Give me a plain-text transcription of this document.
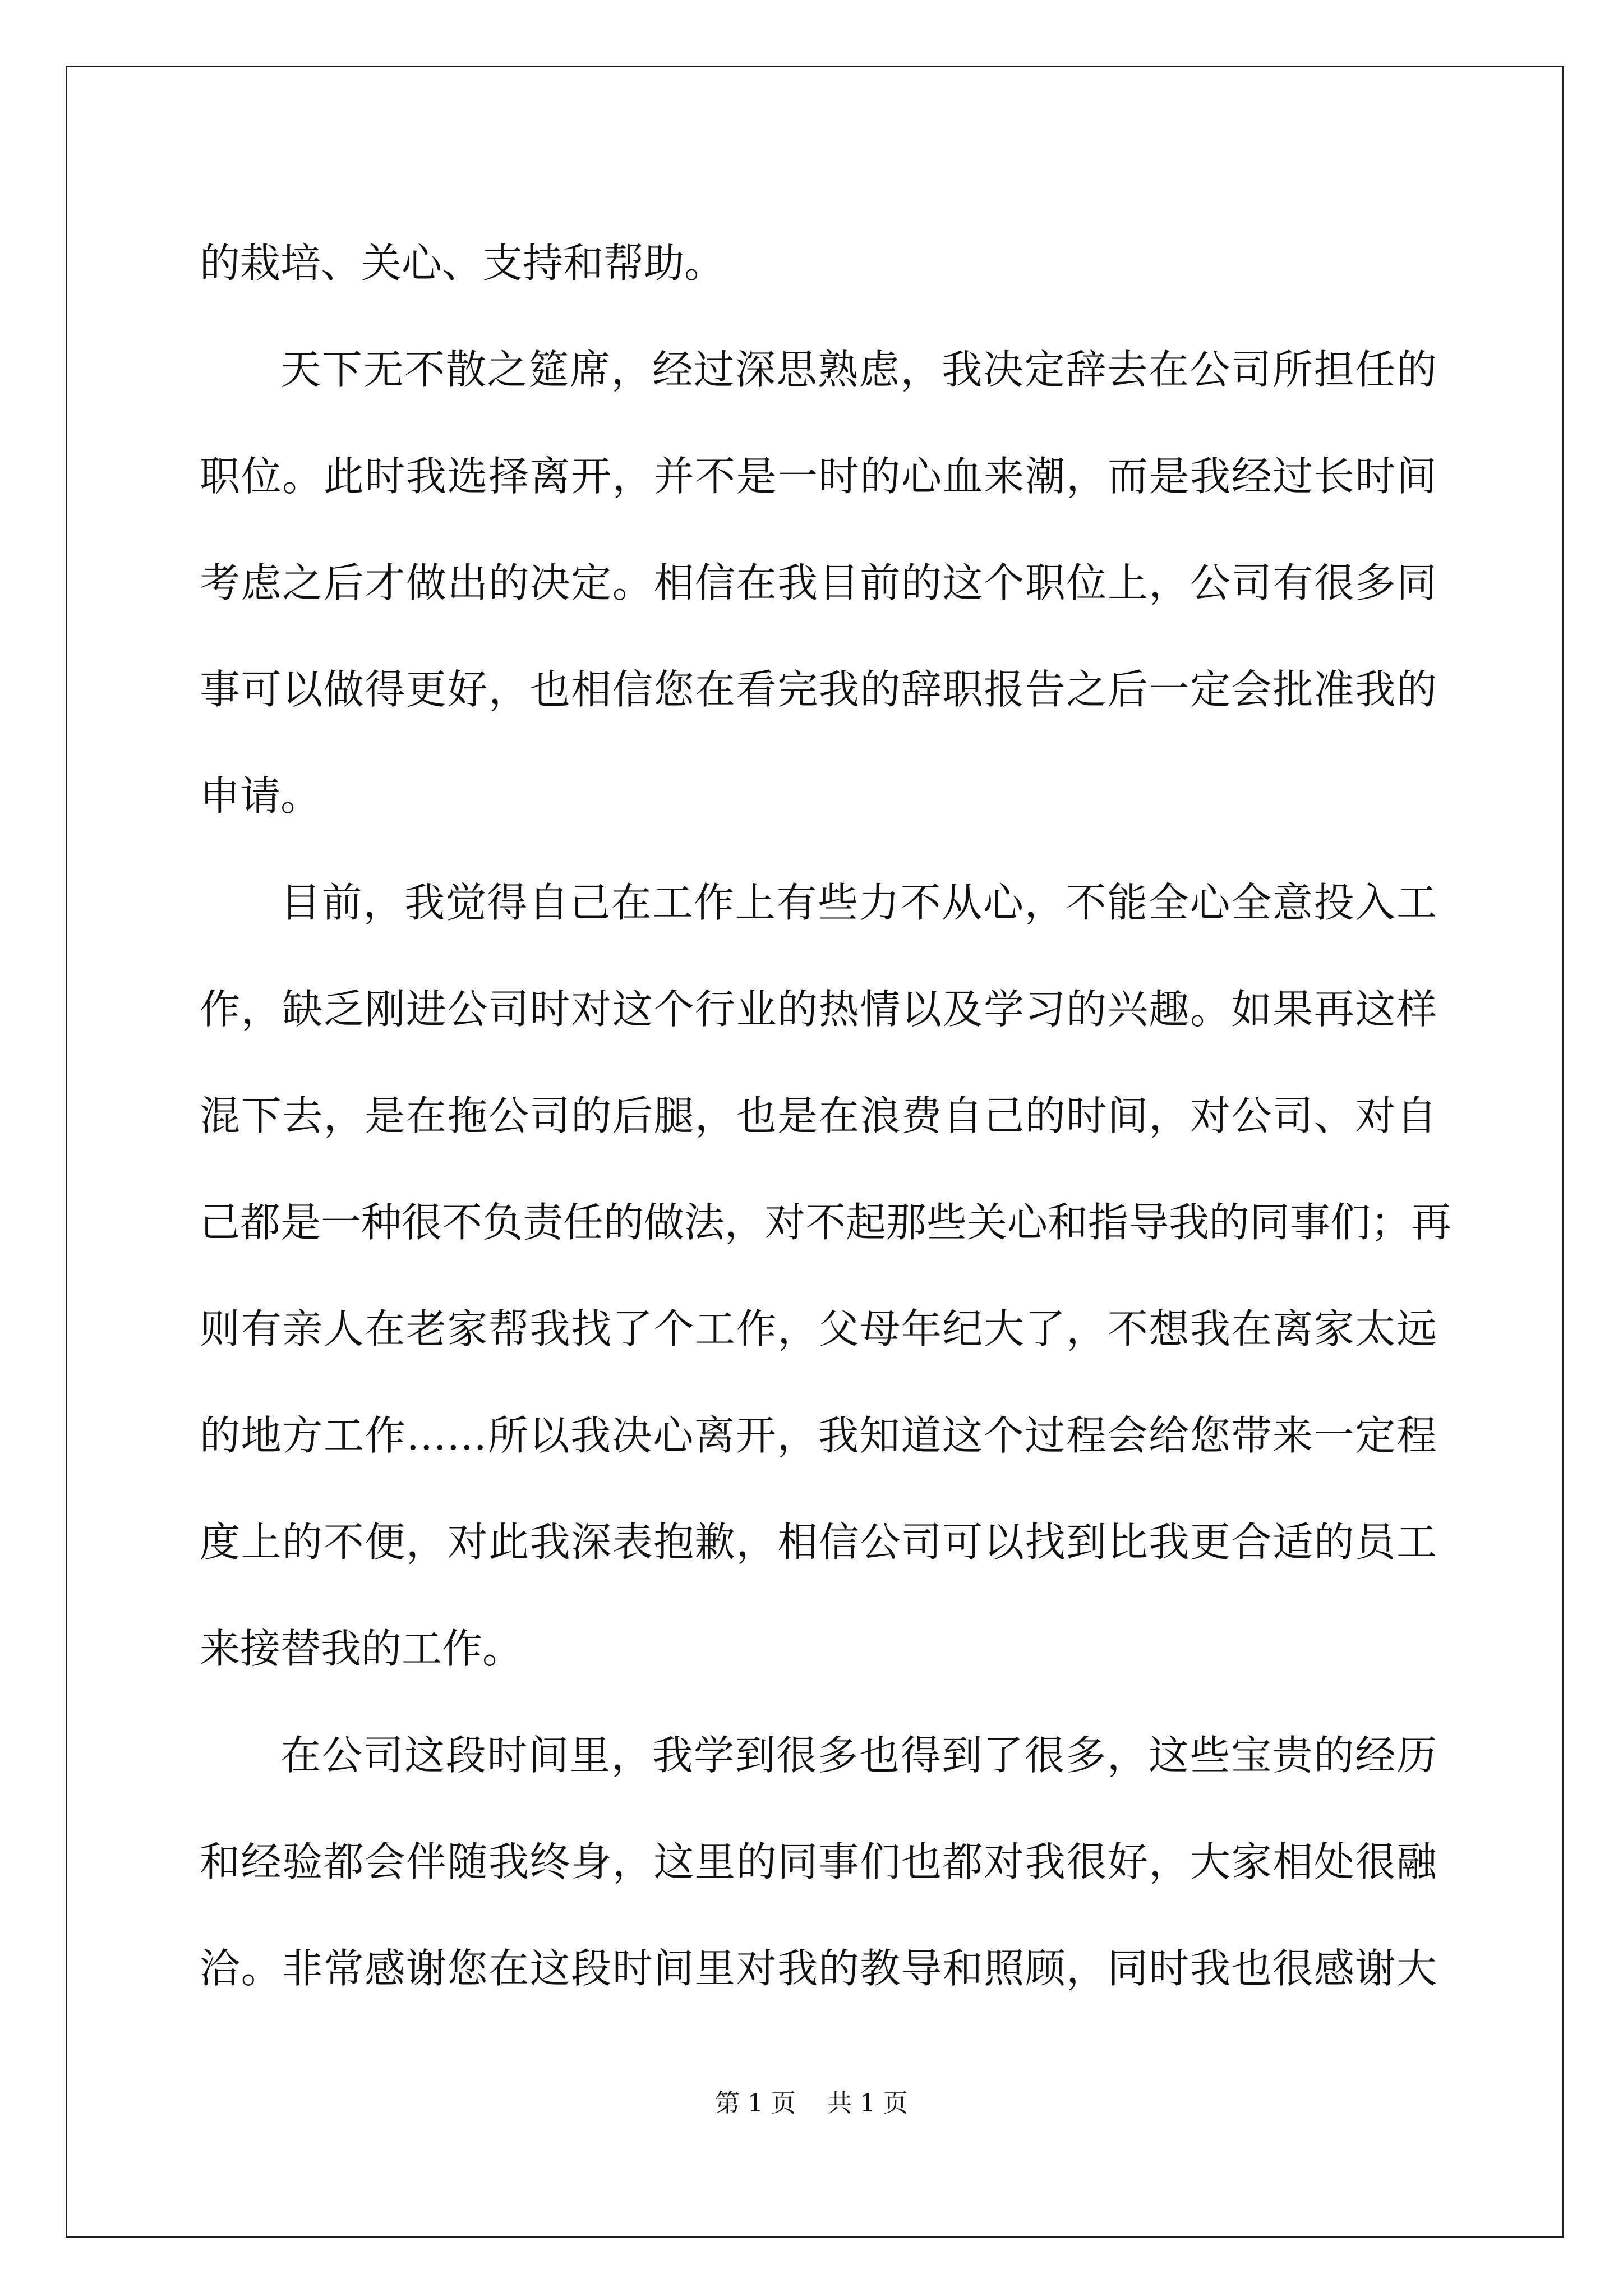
的栽培、关心、支持和帮助。
天下无不散之筵席，经过深思熟虑，我决定辞去在公司所担任的
职位。此时我选择离开，并不是一时的心血来潮，而是我经过长时间
考虑之后才做出的决定。相信在我目前的这个职位上，公司有很多同
事可以做得更好，也相信您在看完我的辞职报告之后一定会批准我的
申请。
目前，我觉得自己在工作上有些力不从心，不能全心全意投入工
作，缺乏刚进公司时对这个行业的热情以及学习的兴趣。如果再这样
混下去，是在拖公司的后腿，也是在浪费自己的时间，对公司、对自
己都是一种很不负责任的做法，对不起那些关心和指导我的同事们；再
则有亲人在老家帮我找了个工作，父母年纪大了，不想我在离家太远
的地方工作……所以我决心离开，我知道这个过程会给您带来一定程
度上的不便，对此我深表抱歉，相信公司可以找到比我更合适的员工
来接替我的工作。
在公司这段时间里，我学到很多也得到了很多，这些宝贵的经历
和经验都会伴随我终身，这里的同事们也都对我很好，大家相处很融
洽。非常感谢您在这段时间里对我的教导和照顾，同时我也很感谢大
第 1 页    共 1 页
